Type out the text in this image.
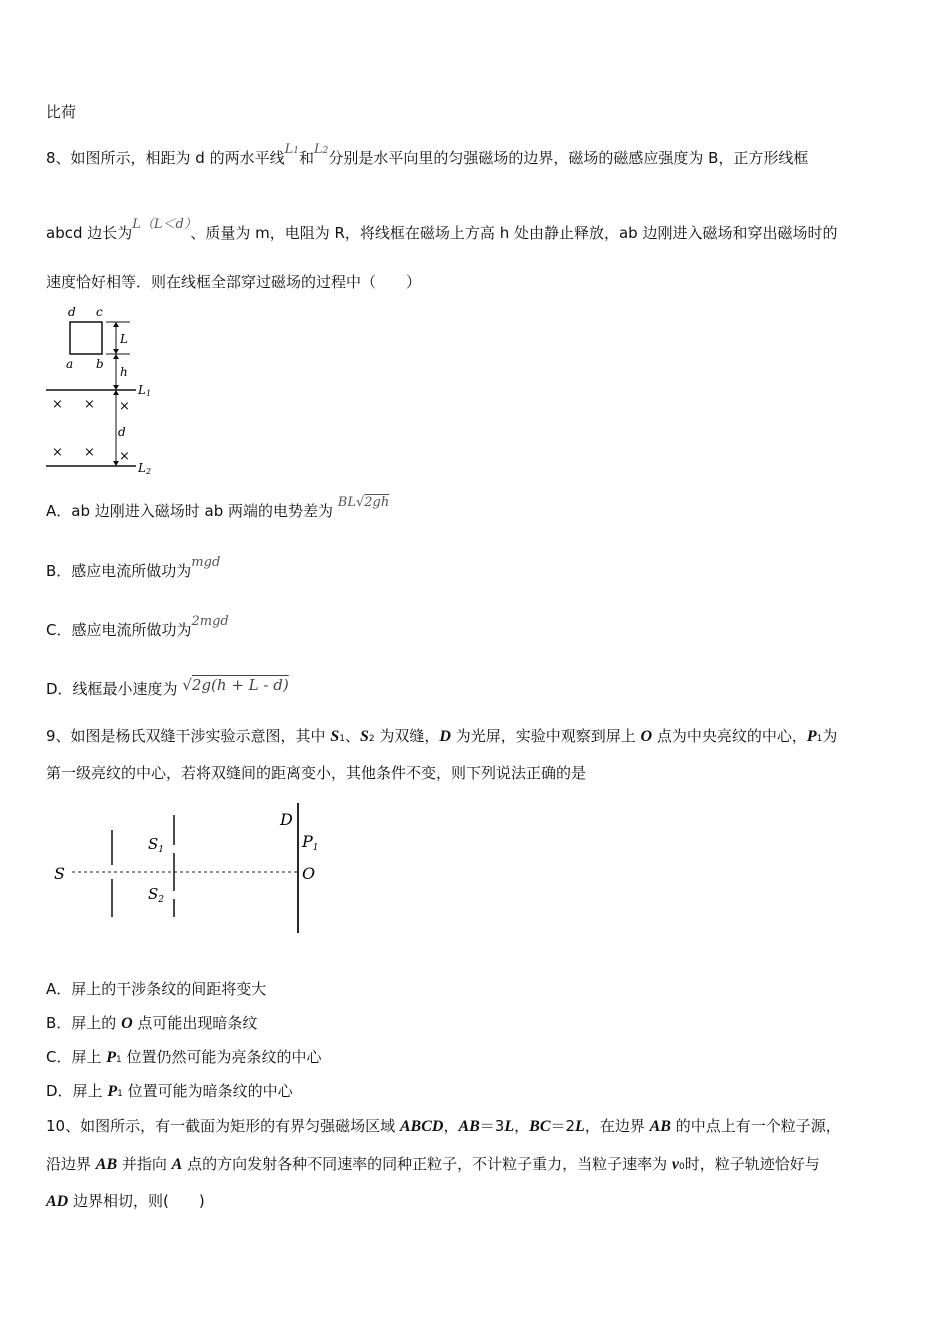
比荷
8、如图所示，相距为 d 的两水平线L1和L2分别是水平向里的匀强磁场的边界，磁场的磁感应强度为 B，正方形线框
abcd 边长为L（L＜d）、质量为 m，电阻为 R，将线框在磁场上方高 h 处由静止释放，ab 边刚进入磁场和穿出磁场时的
速度恰好相等．则在线框全部穿过磁场的过程中（　　）
d c
a b
L
h
L1
d
× × ×
× × ×
L2
A．ab 边刚进入磁场时 ab 两端的电势差为 BL√2gh
B．感应电流所做功为mgd
C．感应电流所做功为2mgd
D．线框最小速度为 √2g(h + L - d)
9、如图是杨氏双缝干涉实验示意图，其中 S1、S2 为双缝，D 为光屏，实验中观察到屏上 O 点为中央亮纹的中心，P1为
第一级亮纹的中心，若将双缝间的距离变小，其他条件不变，则下列说法正确的是
S
$S_1$
$S_2$
D
P1
O
A．屏上的干涉条纹的间距将变大
B．屏上的 O 点可能出现暗条纹
C．屏上 P1 位置仍然可能为亮条纹的中心
D．屏上 P1 位置可能为暗条纹的中心
10、如图所示，有一截面为矩形的有界匀强磁场区域 ABCD，AB＝3L，BC＝2L，在边界 AB 的中点上有一个粒子源，
沿边界 AB 并指向 A 点的方向发射各种不同速率的同种正粒子，不计粒子重力，当粒子速率为 v0时，粒子轨迹恰好与
AD 边界相切，则(　　)
